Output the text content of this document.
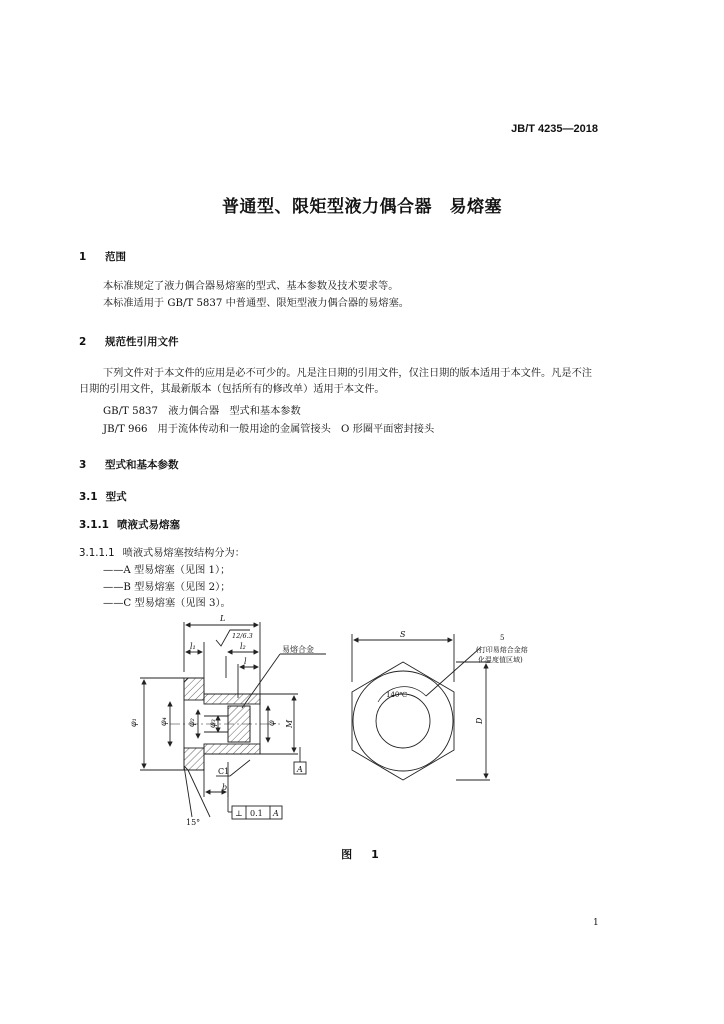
JB/T 4235—2018
普通型、限矩型液力偶合器　易熔塞
1 范围
本标准规定了液力偶合器易熔塞的型式、基本参数及技术要求等。
本标准适用于 GB/T 5837 中普通型、限矩型液力偶合器的易熔塞。
2 规范性引用文件
下列文件对于本文件的应用是必不可少的。凡是注日期的引用文件，仅注日期的版本适用于本文件。凡是不注日期的引用文件，其最新版本（包括所有的修改单）适用于本文件。
GB/T 5837　液力偶合器　型式和基本参数
JB/T 966　用于流体传动和一般用途的金属管接头　O 形圈平面密封接头
3 型式和基本参数
3.1 型式
3.1.1 喷液式易熔塞
3.1.1.1 喷液式易熔塞按结构分为：
——A 型易熔塞（见图 1）；
——B 型易熔塞（见图 2）；
——C 型易熔塞（见图 3）。
L
l₁	l₂
l
b
12/6.3
φ₁	φ₄ φ₂ φ₃	φ M
A
C1
15°
⊥ 0.1 A
易熔合金
S
D
140℃
5
(打印易熔合金熔
化温度值区域)
图　1
1
